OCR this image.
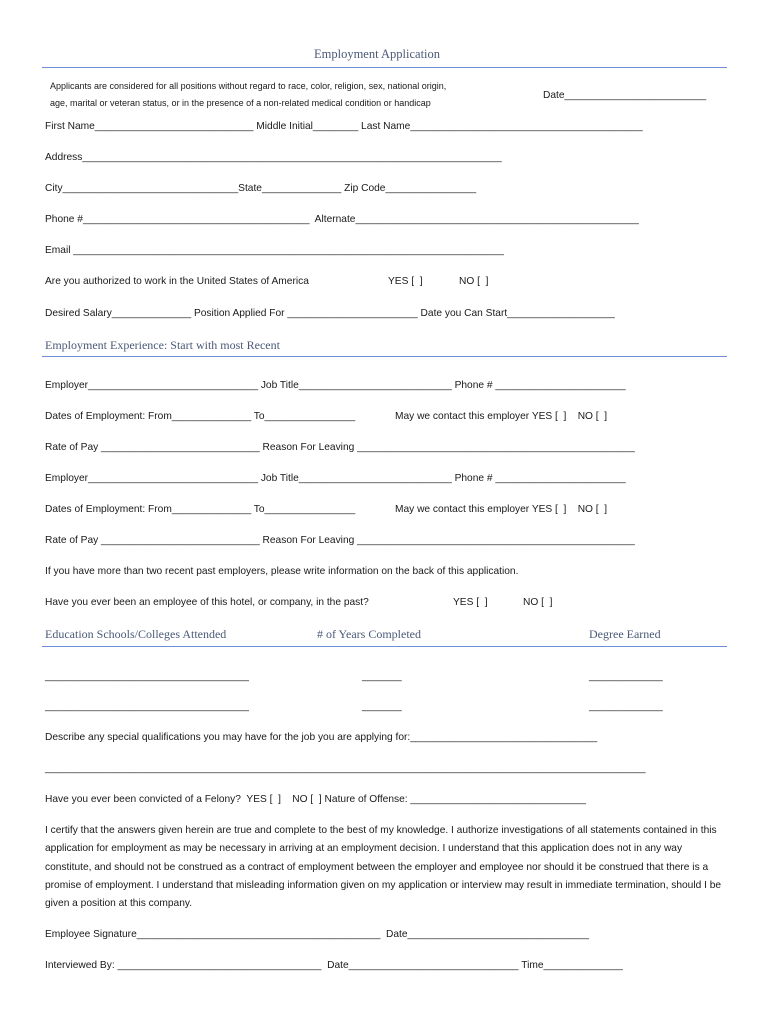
Employment Application
Applicants are considered for all positions without regard to race, color, religion, sex, national origin,
age, marital or veteran status, or in the presence of a non-related medical condition or handicap
Date_________________________
First Name____________________________ Middle Initial________ Last Name_________________________________________
Address__________________________________________________________________________
City_______________________________State______________ Zip Code________________
Phone #________________________________________  Alternate__________________________________________________
Email ____________________________________________________________________________
Are you authorized to work in the United States of America	YES [  ]	NO [  ]
Desired Salary______________ Position Applied For _______________________ Date you Can Start___________________
Employment Experience: Start with most Recent
Employer______________________________ Job Title___________________________ Phone # _______________________
Dates of Employment: From______________ To________________	May we contact this employer YES [  ]    NO [  ]
Rate of Pay ____________________________ Reason For Leaving _________________________________________________
Employer______________________________ Job Title___________________________ Phone # _______________________
Dates of Employment: From______________ To________________	May we contact this employer YES [  ]    NO [  ]
Rate of Pay ____________________________ Reason For Leaving _________________________________________________
If you have more than two recent past employers, please write information on the back of this application.
Have you ever been an employee of this hotel, or company, in the past?	YES [  ]	NO [  ]
Education Schools/Colleges Attended	# of Years Completed	Degree Earned
____________________________________	_______	_____________
____________________________________	_______	_____________
Describe any special qualifications you may have for the job you are applying for:_________________________________
__________________________________________________________________________________________________________
Have you ever been convicted of a Felony?  YES [  ]    NO [  ] Nature of Offense: _______________________________
I certify that the answers given herein are true and complete to the best of my knowledge. I authorize investigations of all statements contained in this application for employment as may be necessary in arriving at an employment decision. I understand that this application does not in any way constitute, and should not be construed as a contract of employment between the employer and employee nor should it be construed that there is a promise of employment. I understand that misleading information given on my application or interview may result in immediate termination, should I be given a position at this company.
Employee Signature___________________________________________  Date________________________________
Interviewed By: ____________________________________  Date______________________________ Time______________
